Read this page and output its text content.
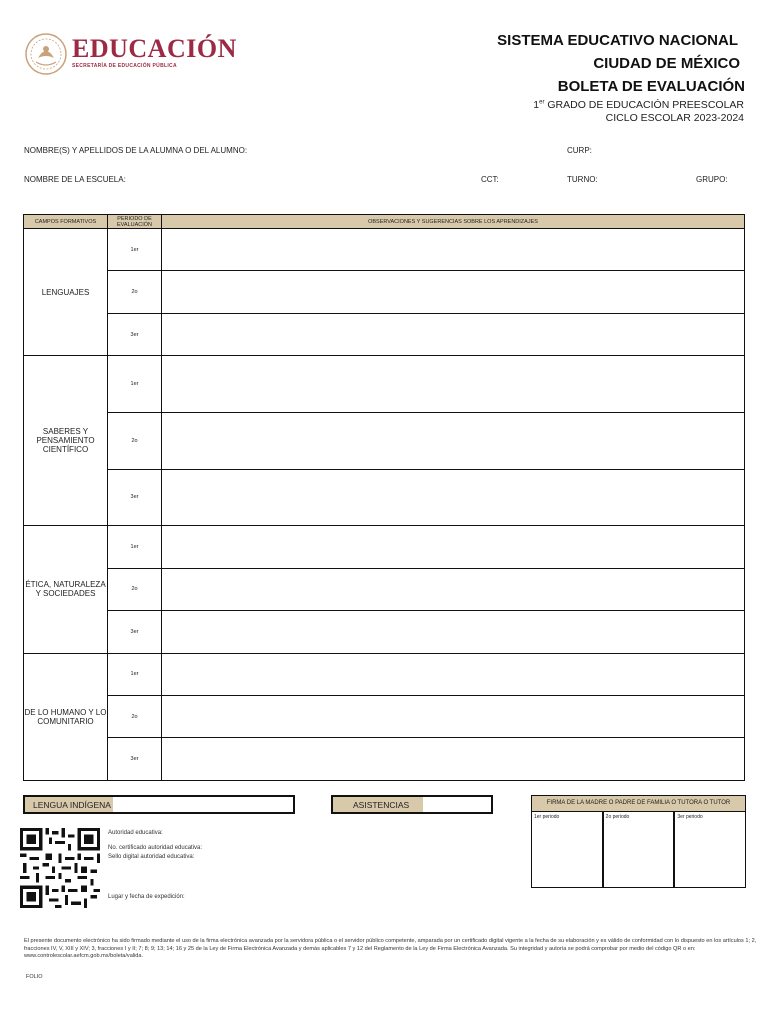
EDUCACIÓN
SECRETARÍA DE EDUCACIÓN PÚBLICA
SISTEMA EDUCATIVO NACIONAL
CIUDAD DE MÉXICO
BOLETA DE EVALUACIÓN
1er GRADO DE EDUCACIÓN PREESCOLAR
CICLO ESCOLAR 2023-2024
NOMBRE(S) Y APELLIDOS DE LA ALUMNA O DEL ALUMNO:	CURP:
NOMBRE DE LA ESCUELA:	CCT:	TURNO:	GRUPO:
CAMPOS FORMATIVOS	PERIODO DE EVALUACIÓN	OBSERVACIONES Y SUGERENCIAS SOBRE LOS APRENDIZAJES
LENGUAJES	1er	
	2o	
	3er	
SABERES Y PENSAMIENTO CIENTÍFICO	1er	
	2o	
	3er	
ÉTICA, NATURALEZA Y SOCIEDADES	1er	
	2o	
	3er	
DE LO HUMANO Y LO COMUNITARIO	1er	
	2o	
	3er	
LENGUA INDÍGENA	ASISTENCIAS	FIRMA DE LA MADRE O PADRE DE FAMILIA O TUTORA O TUTOR
1er periodo	2o periodo	3er periodo
Autoridad educativa:
No. certificado autoridad educativa:
Sello digital autoridad educativa:
Lugar y fecha de expedición:
El presente documento electrónico ha sido firmado mediante el uso de la firma electrónica avanzada por la servidora pública o el servidor público competente, amparada por un certificado digital vigente a la fecha de su elaboración y es válido de conformidad con lo dispuesto en los artículos 1; 2, fracciones IV, V, XIII y XIV; 3, fracciones I y II; 7; 8; 9; 13; 14; 16 y 25 de la Ley de Firma Electrónica Avanzada y demás aplicables 7 y 12 del Reglamento de la Ley de Firma Electrónica Avanzada. Su integridad y autoría se podrá comprobar por medio del código QR o en: www.controlescolar.aefcm.gob.mx/boleta/valida.
FOLIO
